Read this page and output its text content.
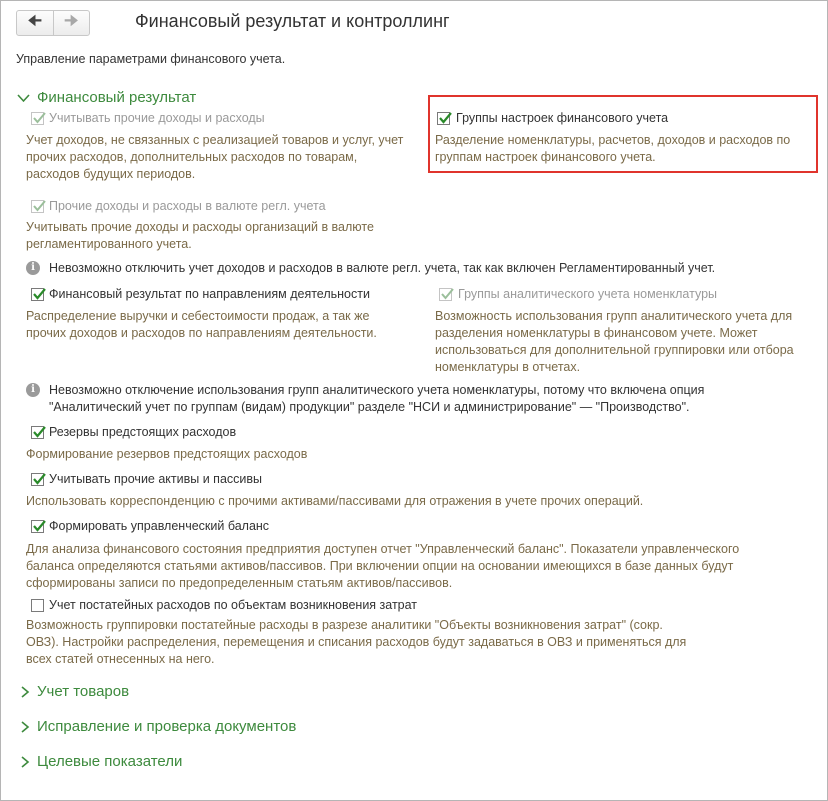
🠈 🠊	Финансовый результат и контроллинг
Управление параметрами финансового учета.
Финансовый результат
Учитывать прочие доходы и расходы
Учет доходов, не связанных с реализацией товаров и услуг, учет
прочих расходов, дополнительных расходов по товарам,
расходов будущих периодов.
Прочие доходы и расходы в валюте регл. учета
Учитывать прочие доходы и расходы организаций в валюте
регламентированного учета.
Группы настроек финансового учета
Разделение номенклатуры, расчетов, доходов и расходов по
группам настроек финансового учета.
i	Невозможно отключить учет доходов и расходов в валюте регл. учета, так как включен Регламентированный учет.
Финансовый результат по направлениям деятельности
Распределение выручки и себестоимости продаж, а так же
прочих доходов и расходов по направлениям деятельности.
Группы аналитического учета номенклатуры
Возможность использования групп аналитического учета для
разделения номенклатуры в финансовом учете. Может
использоваться для дополнительной группировки или отбора
номенклатуры в отчетах.
i	Невозможно отключение использования групп аналитического учета номенклатуры, потому что включена опция
"Аналитический учет по группам (видам) продукции" разделе "НСИ и администрирование" — "Производство".
Резервы предстоящих расходов
Формирование резервов предстоящих расходов
Учитывать прочие активы и пассивы
Использовать корреспонденцию с прочими активами/пассивами для отражения в учете прочих операций.
Формировать управленческий баланс
Для анализа финансового состояния предприятия доступен отчет "Управленческий баланс". Показатели управленческого
баланса определяются статьями активов/пассивов. При включении опции на основании имеющихся в базе данных будут
сформированы записи по предопределенным статьям активов/пассивов.
Учет постатейных расходов по объектам возникновения затрат
Возможность группировки постатейные расходы в разрезе аналитики "Объекты возникновения затрат" (сокр.
ОВЗ). Настройки распределения, перемещения и списания расходов будут задаваться в ОВЗ и применяться для
всех статей отнесенных на него.
Учет товаров
Исправление и проверка документов
Целевые показатели
